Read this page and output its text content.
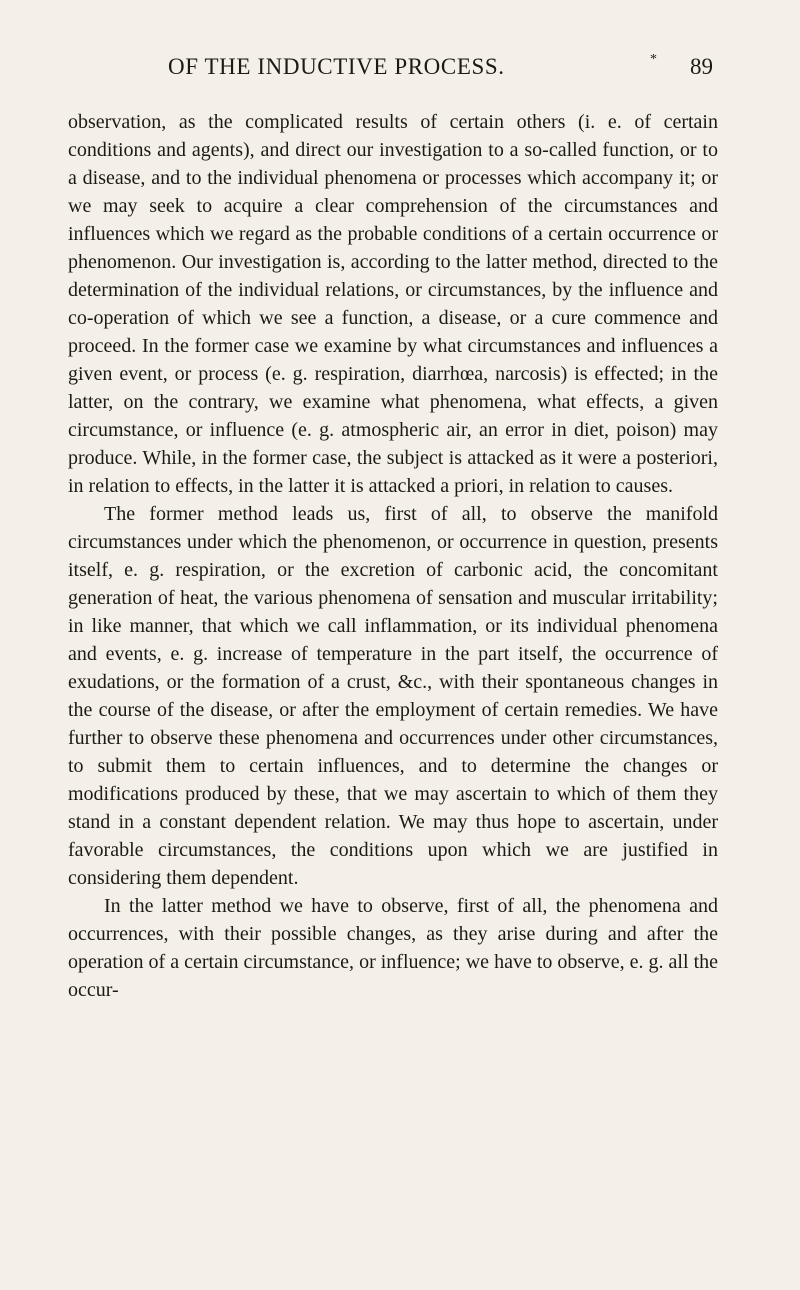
OF THE INDUCTIVE PROCESS.	* 89

observation, as the complicated results of certain others (i. e. of certain conditions and agents), and direct our investigation to a so-called function, or to a disease, and to the individual phenomena or processes which accompany it; or we may seek to acquire a clear comprehension of the circumstances and influences which we regard as the probable conditions of a certain occurrence or phenomenon. Our investigation is, according to the latter method, directed to the determination of the individual relations, or circumstances, by the influence and co-operation of which we see a function, a disease, or a cure commence and proceed. In the former case we examine by what circumstances and influences a given event, or process (e. g. respiration, diarrhœa, narcosis) is effected; in the latter, on the contrary, we examine what phenomena, what effects, a given circumstance, or influence (e. g. atmospheric air, an error in diet, poison) may produce. While, in the former case, the subject is attacked as it were a posteriori, in relation to effects, in the latter it is attacked a priori, in relation to causes.

The former method leads us, first of all, to observe the manifold circumstances under which the phenomenon, or occurrence in question, presents itself, e. g. respiration, or the excretion of carbonic acid, the concomitant generation of heat, the various phenomena of sensation and muscular irritability; in like manner, that which we call inflammation, or its individual phenomena and events, e. g. increase of temperature in the part itself, the occurrence of exudations, or the formation of a crust, &c., with their spontaneous changes in the course of the disease, or after the employment of certain remedies. We have further to observe these phenomena and occurrences under other circumstances, to submit them to certain influences, and to determine the changes or modifications produced by these, that we may ascertain to which of them they stand in a constant dependent relation. We may thus hope to ascertain, under favorable circumstances, the conditions upon which we are justified in considering them dependent.

In the latter method we have to observe, first of all, the phenomena and occurrences, with their possible changes, as they arise during and after the operation of a certain circumstance, or influence; we have to observe, e. g. all the occur-
